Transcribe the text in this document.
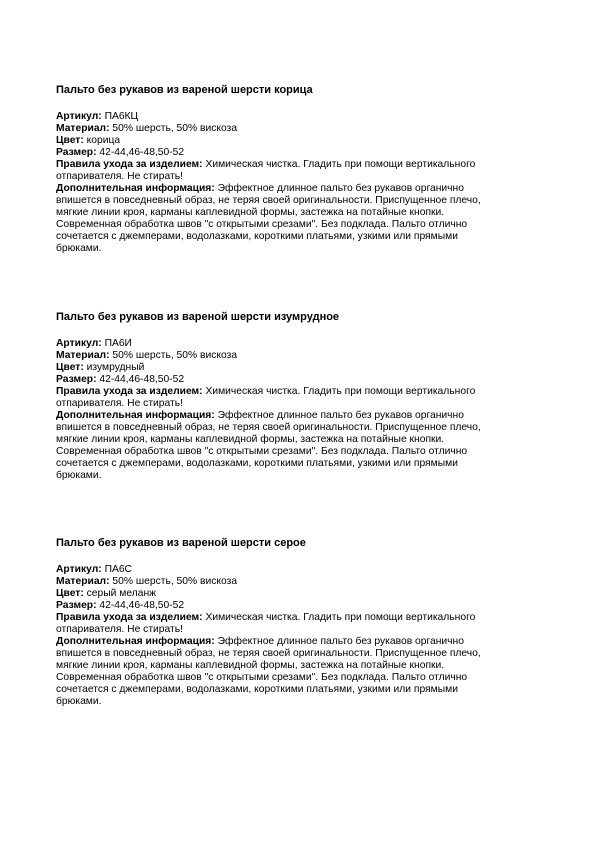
Пальто без рукавов из вареной шерсти корица

Артикул: ПА6КЦ

Материал: 50% шерсть, 50% вискоза

Цвет: корица

Размер: 42-44,46-48,50-52

Правила ухода за изделием: Химическая чистка. Гладить при помощи вертикального

отпаривателя. Не стирать!

Дополнительная информация: Эффектное длинное пальто без рукавов органично

впишется в повседневный образ, не теряя своей оригинальности. Приспущенное плечо,

мягкие линии кроя, карманы каплевидной формы, застежка на потайные кнопки.

Современная обработка швов "с открытыми срезами". Без подклада. Пальто отлично

сочетается с джемперами, водолазками, короткими платьями, узкими или прямыми

брюками.

Пальто без рукавов из вареной шерсти изумрудное

Артикул: ПА6И

Материал: 50% шерсть, 50% вискоза

Цвет: изумрудный

Размер: 42-44,46-48,50-52

Правила ухода за изделием: Химическая чистка. Гладить при помощи вертикального

отпаривателя. Не стирать!

Дополнительная информация: Эффектное длинное пальто без рукавов органично

впишется в повседневный образ, не теряя своей оригинальности. Приспущенное плечо,

мягкие линии кроя, карманы каплевидной формы, застежка на потайные кнопки.

Современная обработка швов "с открытыми срезами". Без подклада. Пальто отлично

сочетается с джемперами, водолазками, короткими платьями, узкими или прямыми

брюками.

Пальто без рукавов из вареной шерсти серое

Артикул: ПА6С

Материал: 50% шерсть, 50% вискоза

Цвет: серый меланж

Размер: 42-44,46-48,50-52

Правила ухода за изделием: Химическая чистка. Гладить при помощи вертикального

отпаривателя. Не стирать!

Дополнительная информация: Эффектное длинное пальто без рукавов органично

впишется в повседневный образ, не теряя своей оригинальности. Приспущенное плечо,

мягкие линии кроя, карманы каплевидной формы, застежка на потайные кнопки.

Современная обработка швов "с открытыми срезами". Без подклада. Пальто отлично

сочетается с джемперами, водолазками, короткими платьями, узкими или прямыми

брюками.
